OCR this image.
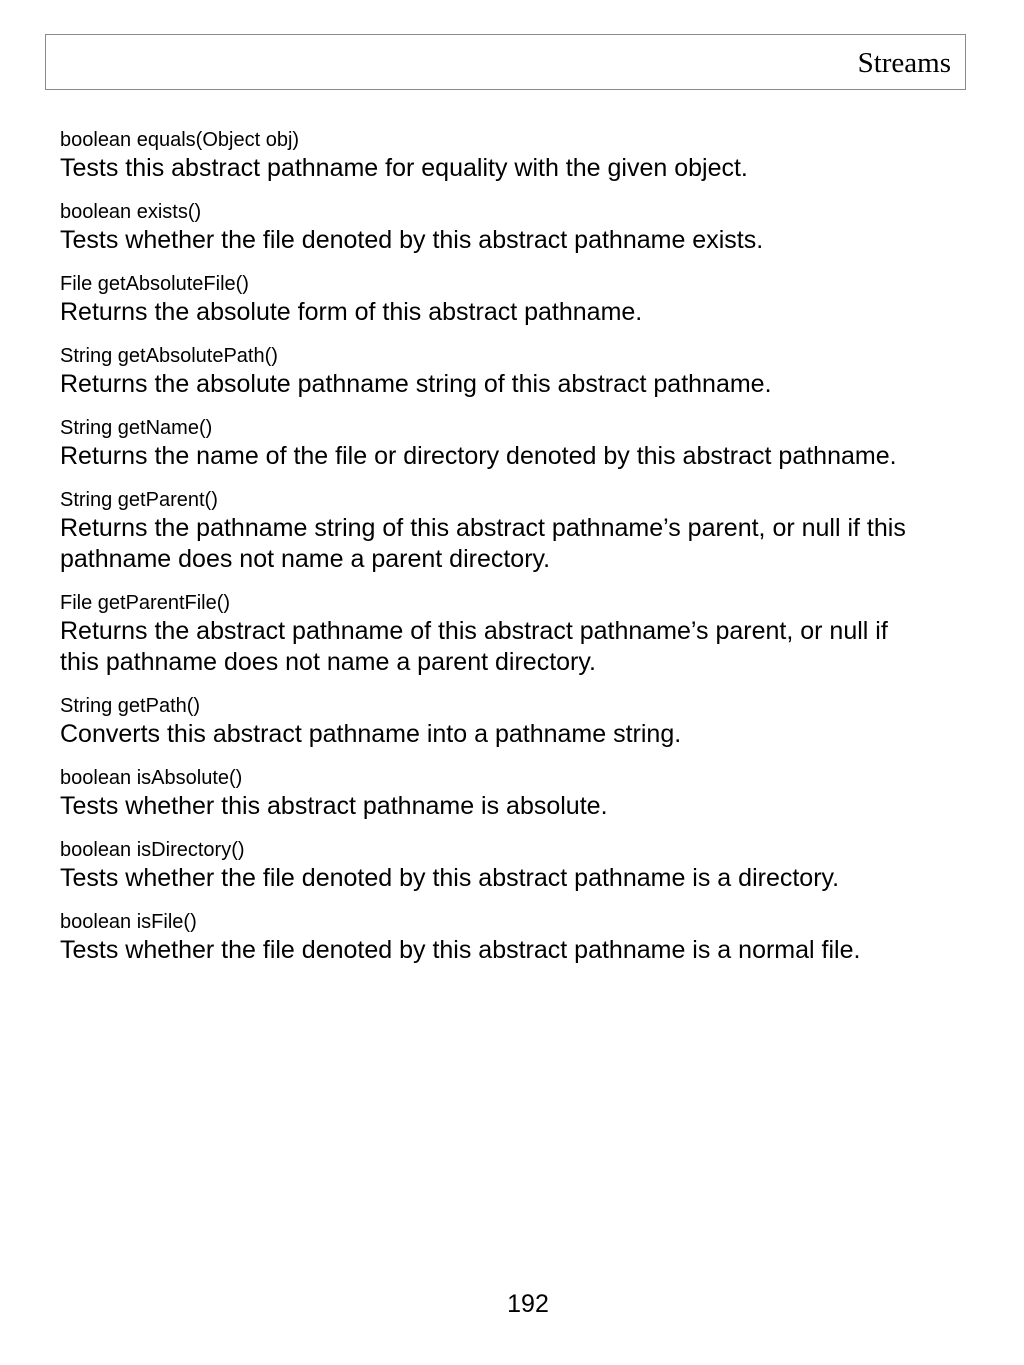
Streams
boolean equals(Object obj)
Tests this abstract pathname for equality with the given object.
boolean exists()
Tests whether the file denoted by this abstract pathname exists.
File getAbsoluteFile()
Returns the absolute form of this abstract pathname.
String getAbsolutePath()
Returns the absolute pathname string of this abstract pathname.
String getName()
Returns the name of the file or directory denoted by this abstract pathname.
String getParent()
Returns the pathname string of this abstract pathname’s parent, or null if this pathname does not name a parent directory.
File getParentFile()
Returns the abstract pathname of this abstract pathname’s parent, or null if this pathname does not name a parent directory.
String getPath()
Converts this abstract pathname into a pathname string.
boolean isAbsolute()
Tests whether this abstract pathname is absolute.
boolean isDirectory()
Tests whether the file denoted by this abstract pathname is a directory.
boolean isFile()
Tests whether the file denoted by this abstract pathname is a normal file.
192
